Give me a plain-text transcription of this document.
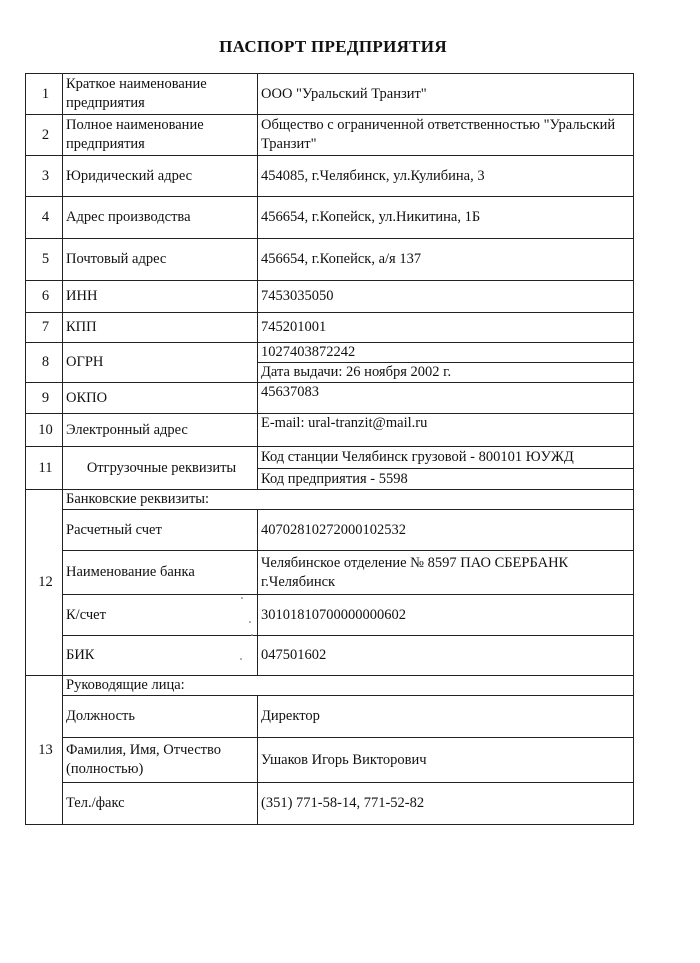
ПАСПОРТ ПРЕДПРИЯТИЯ
1	Краткое наименование предприятия	ООО "Уральский Транзит"
2	Полное наименование предприятия	Общество с ограниченной ответственностью "Уральский Транзит"
3	Юридический адрес	454085, г.Челябинск, ул.Кулибина, 3
4	Адрес производства	456654, г.Копейск, ул.Никитина, 1Б
5	Почтовый адрес	456654, г.Копейск, а/я 137
6	ИНН	7453035050
7	КПП	745201001
8	ОГРН	1027403872242
		Дата выдачи: 26 ноября 2002 г.
9	ОКПО	45637083
10	Электронный адрес	E-mail: ural-tranzit@mail.ru
11	Отгрузочные реквизиты	Код станции Челябинск грузовой - 800101 ЮУЖД
		Код предприятия - 5598
12	Банковские реквизиты:	
	Расчетный счет	40702810272000102532
	Наименование банка	Челябинское отделение № 8597 ПАО СБЕРБАНК г.Челябинск
	К/счет	30101810700000000602
	БИК	047501602
13	Руководящие лица:	
	Должность	Директор
	Фамилия, Имя, Отчество (полностью)	Ушаков Игорь Викторович
	Тел./факс	(351) 771-58-14, 771-52-82
